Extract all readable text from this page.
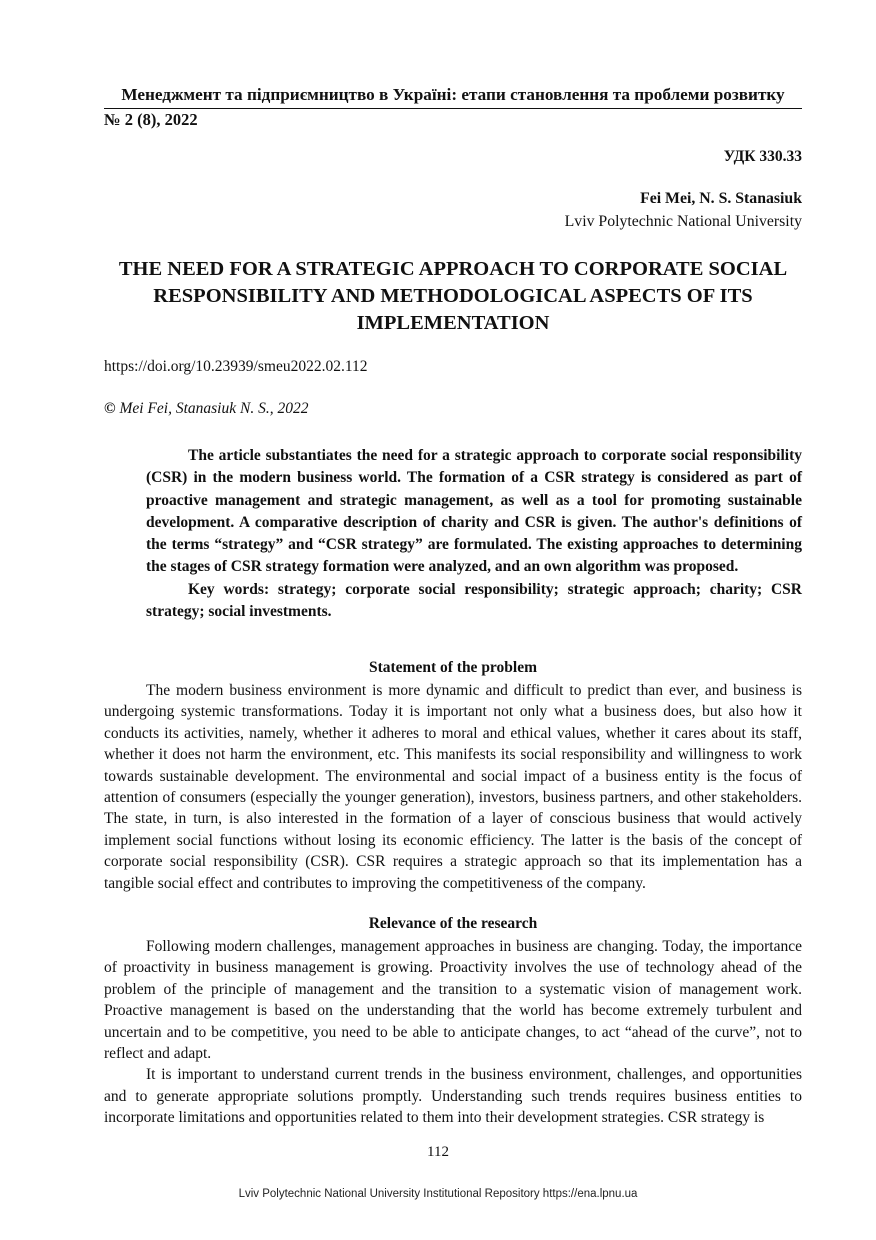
Менеджмент та підприємництво в Україні: етапи становлення та проблеми розвитку
№ 2 (8), 2022
УДК 330.33
Fei Mei, N. S. Stanasiuk
Lviv Polytechnic National University
THE NEED FOR A STRATEGIC APPROACH TO CORPORATE SOCIAL RESPONSIBILITY AND METHODOLOGICAL ASPECTS OF ITS IMPLEMENTATION
https://doi.org/10.23939/smeu2022.02.112
© Mei Fei, Stanasiuk N. S., 2022

The article substantiates the need for a strategic approach to corporate social responsibility (CSR) in the modern business world. The formation of a CSR strategy is considered as part of proactive management and strategic management, as well as a tool for promoting sustainable development. A comparative description of charity and CSR is given. The author's definitions of the terms “strategy” and “CSR strategy” are formulated. The existing approaches to determining the stages of CSR strategy formation were analyzed, and an own algorithm was proposed.

Key words: strategy; corporate social responsibility; strategic approach; charity; CSR strategy; social investments.

Statement of the problem

The modern business environment is more dynamic and difficult to predict than ever, and business is undergoing systemic transformations. Today it is important not only what a business does, but also how it conducts its activities, namely, whether it adheres to moral and ethical values, whether it cares about its staff, whether it does not harm the environment, etc. This manifests its social responsibility and willingness to work towards sustainable development. The environmental and social impact of a business entity is the focus of attention of consumers (especially the younger generation), investors, business partners, and other stakeholders. The state, in turn, is also interested in the formation of a layer of conscious business that would actively implement social functions without losing its economic efficiency. The latter is the basis of the concept of corporate social responsibility (CSR). CSR requires a strategic approach so that its implementation has a tangible social effect and contributes to improving the competitiveness of the company.

Relevance of the research

Following modern challenges, management approaches in business are changing. Today, the importance of proactivity in business management is growing. Proactivity involves the use of technology ahead of the problem of the principle of management and the transition to a systematic vision of management work. Proactive management is based on the understanding that the world has become extremely turbulent and uncertain and to be competitive, you need to be able to anticipate changes, to act “ahead of the curve”, not to reflect and adapt.

It is important to understand current trends in the business environment, challenges, and opportunities and to generate appropriate solutions promptly. Understanding such trends requires business entities to incorporate limitations and opportunities related to them into their development strategies. CSR strategy is

112
Lviv Polytechnic National University Institutional Repository https://ena.lpnu.ua
